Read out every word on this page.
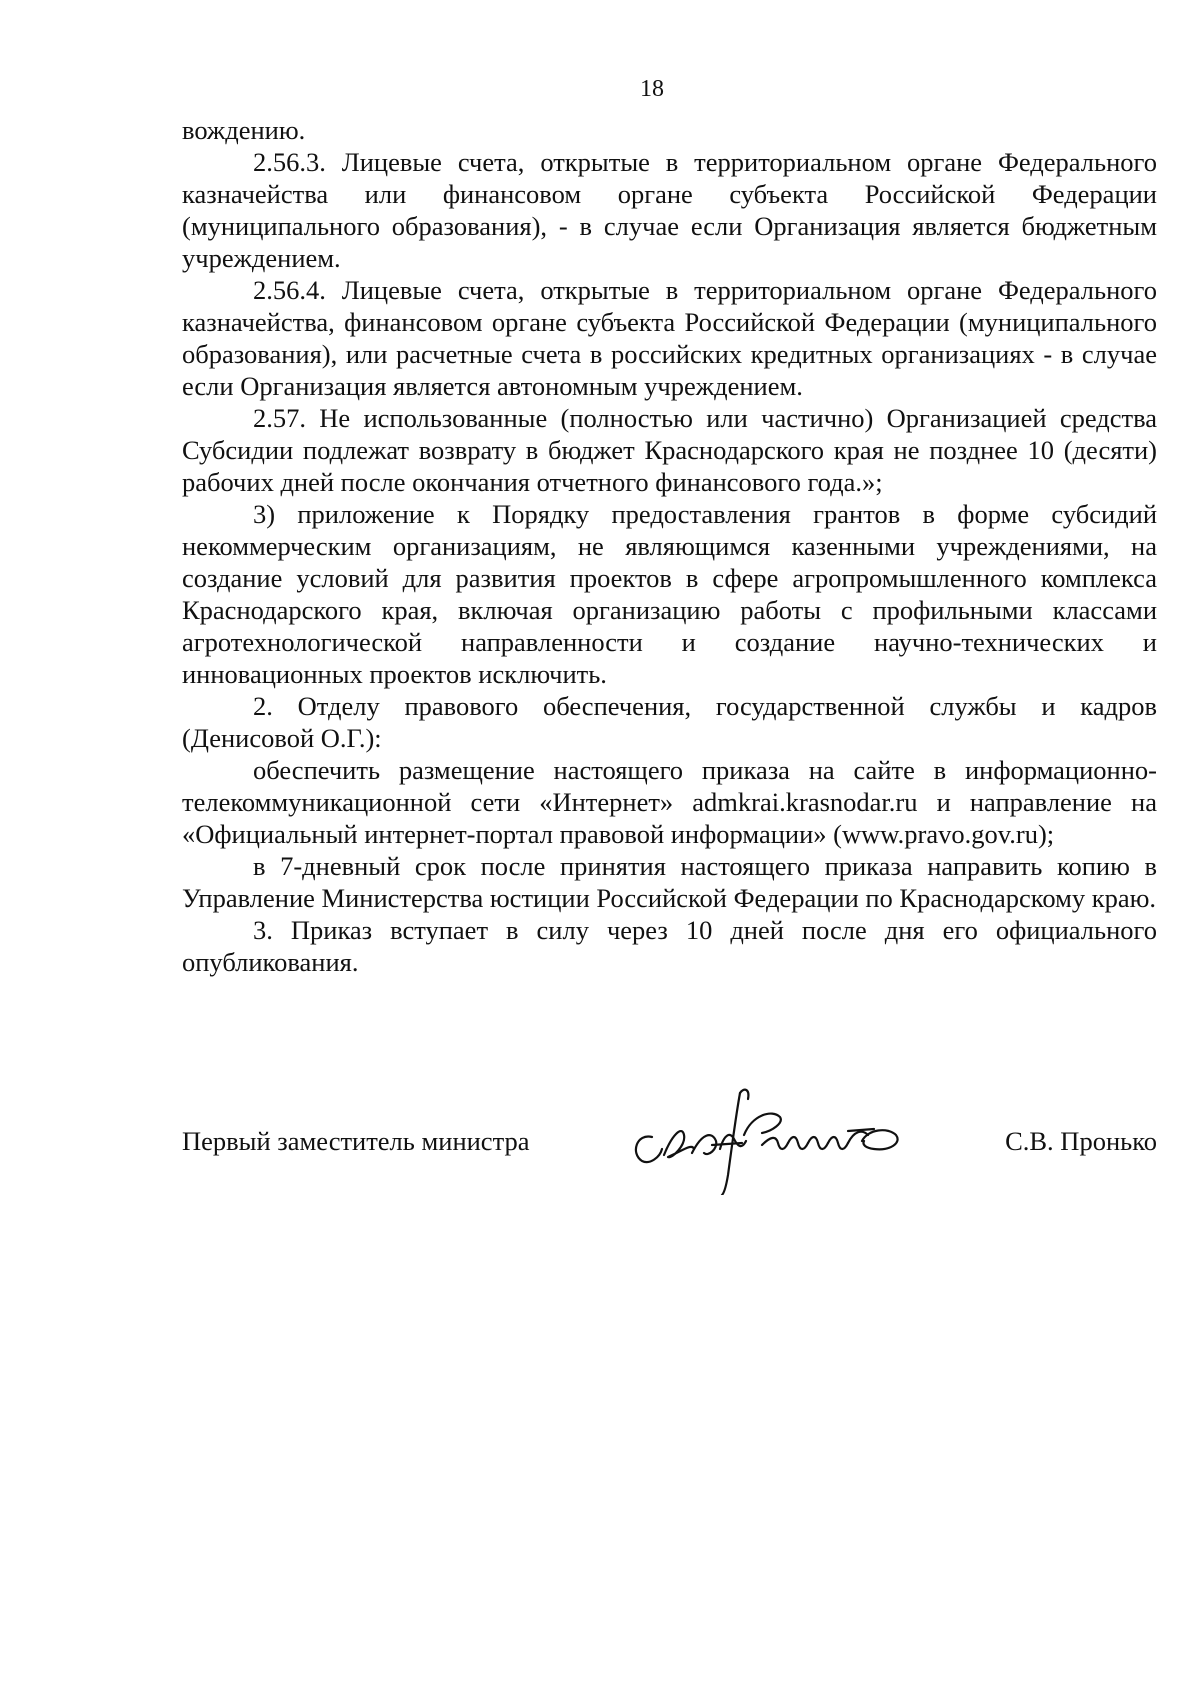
18

вождению.

2.56.3. Лицевые счета, открытые в территориальном органе Федерального казначейства или финансовом органе субъекта Российской Федерации (муниципального образования), - в случае если Организация является бюджетным учреждением.

2.56.4. Лицевые счета, открытые в территориальном органе Федерального казначейства, финансовом органе субъекта Российской Федерации (муниципального образования), или расчетные счета в российских кредитных организациях - в случае если Организация является автономным учреждением.

2.57. Не использованные (полностью или частично) Организацией средства Субсидии подлежат возврату в бюджет Краснодарского края не позднее 10 (десяти) рабочих дней после окончания отчетного финансового года.»;

3) приложение к Порядку предоставления грантов в форме субсидий некоммерческим организациям, не являющимся казенными учреждениями, на создание условий для развития проектов в сфере агропромышленного комплекса Краснодарского края, включая организацию работы с профильными классами агротехнологической направленности и создание научно-технических и инновационных проектов исключить.

2. Отделу правового обеспечения, государственной службы и кадров (Денисовой О.Г.):

обеспечить размещение настоящего приказа на сайте в информационно-телекоммуникационной сети «Интернет» admkrai.krasnodar.ru и направление на «Официальный интернет-портал правовой информации» (www.pravo.gov.ru);

в 7-дневный срок после принятия настоящего приказа направить копию в Управление Министерства юстиции Российской Федерации по Краснодарскому краю.

3. Приказ вступает в силу через 10 дней после дня его официального опубликования.

Первый заместитель министра	С.В. Пронько
